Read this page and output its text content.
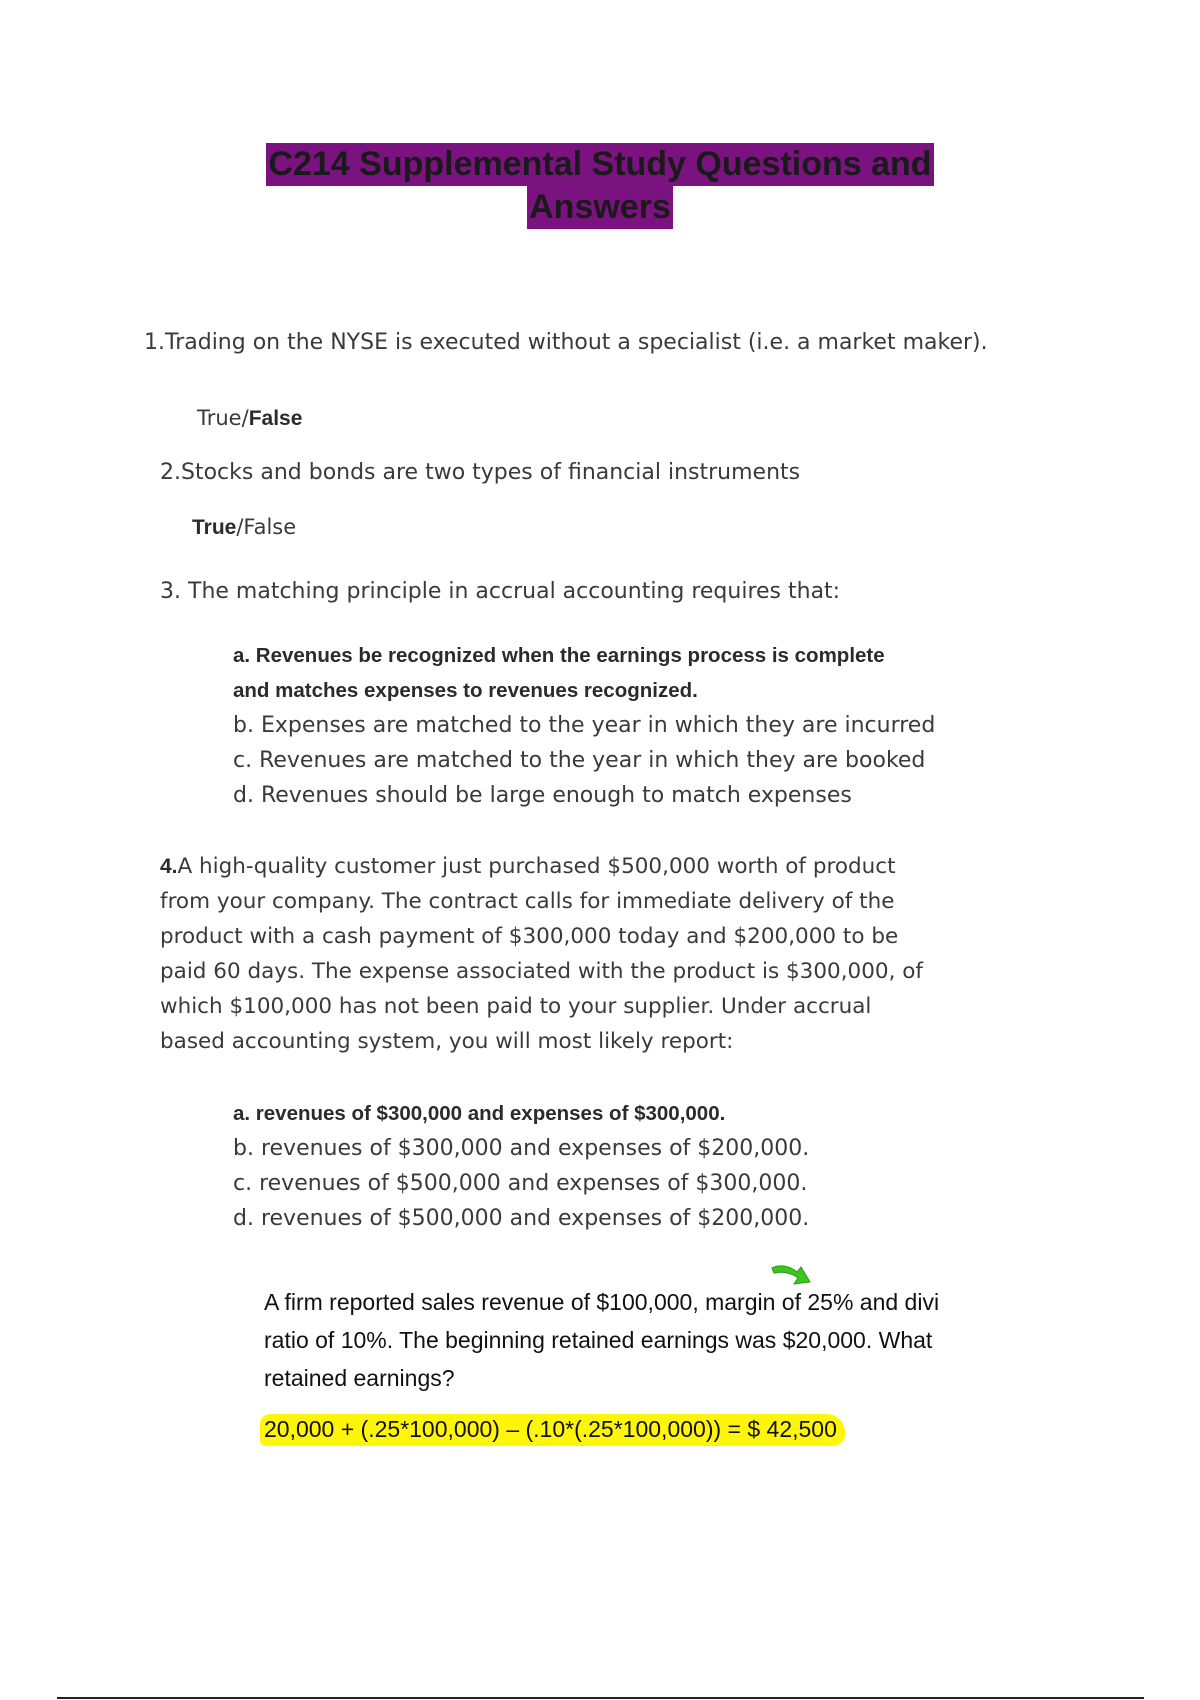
C214 Supplemental Study Questions and
Answers
1.Trading on the NYSE is executed without a specialist (i.e. a market maker).
True/False
2.Stocks and bonds are two types of financial instruments
True/False
3. The matching principle in accrual accounting requires that:
a. Revenues be recognized when the earnings process is complete
and matches expenses to revenues recognized.
b. Expenses are matched to the year in which they are incurred
c. Revenues are matched to the year in which they are booked
d. Revenues should be large enough to match expenses
4.A high-quality customer just purchased $500,000 worth of product
from your company. The contract calls for immediate delivery of the
product with a cash payment of $300,000 today and $200,000 to be
paid 60 days. The expense associated with the product is $300,000, of
which $100,000 has not been paid to your supplier. Under accrual
based accounting system, you will most likely report:
a. revenues of $300,000 and expenses of $300,000.
b. revenues of $300,000 and expenses of $200,000.
c. revenues of $500,000 and expenses of $300,000.
d. revenues of $500,000 and expenses of $200,000.
A firm reported sales revenue of $100,000, margin of 25% and divi
ratio of 10%. The beginning retained earnings was $20,000. What
retained earnings?
20,000 + (.25*100,000) – (.10*(.25*100,000)) = $ 42,500
